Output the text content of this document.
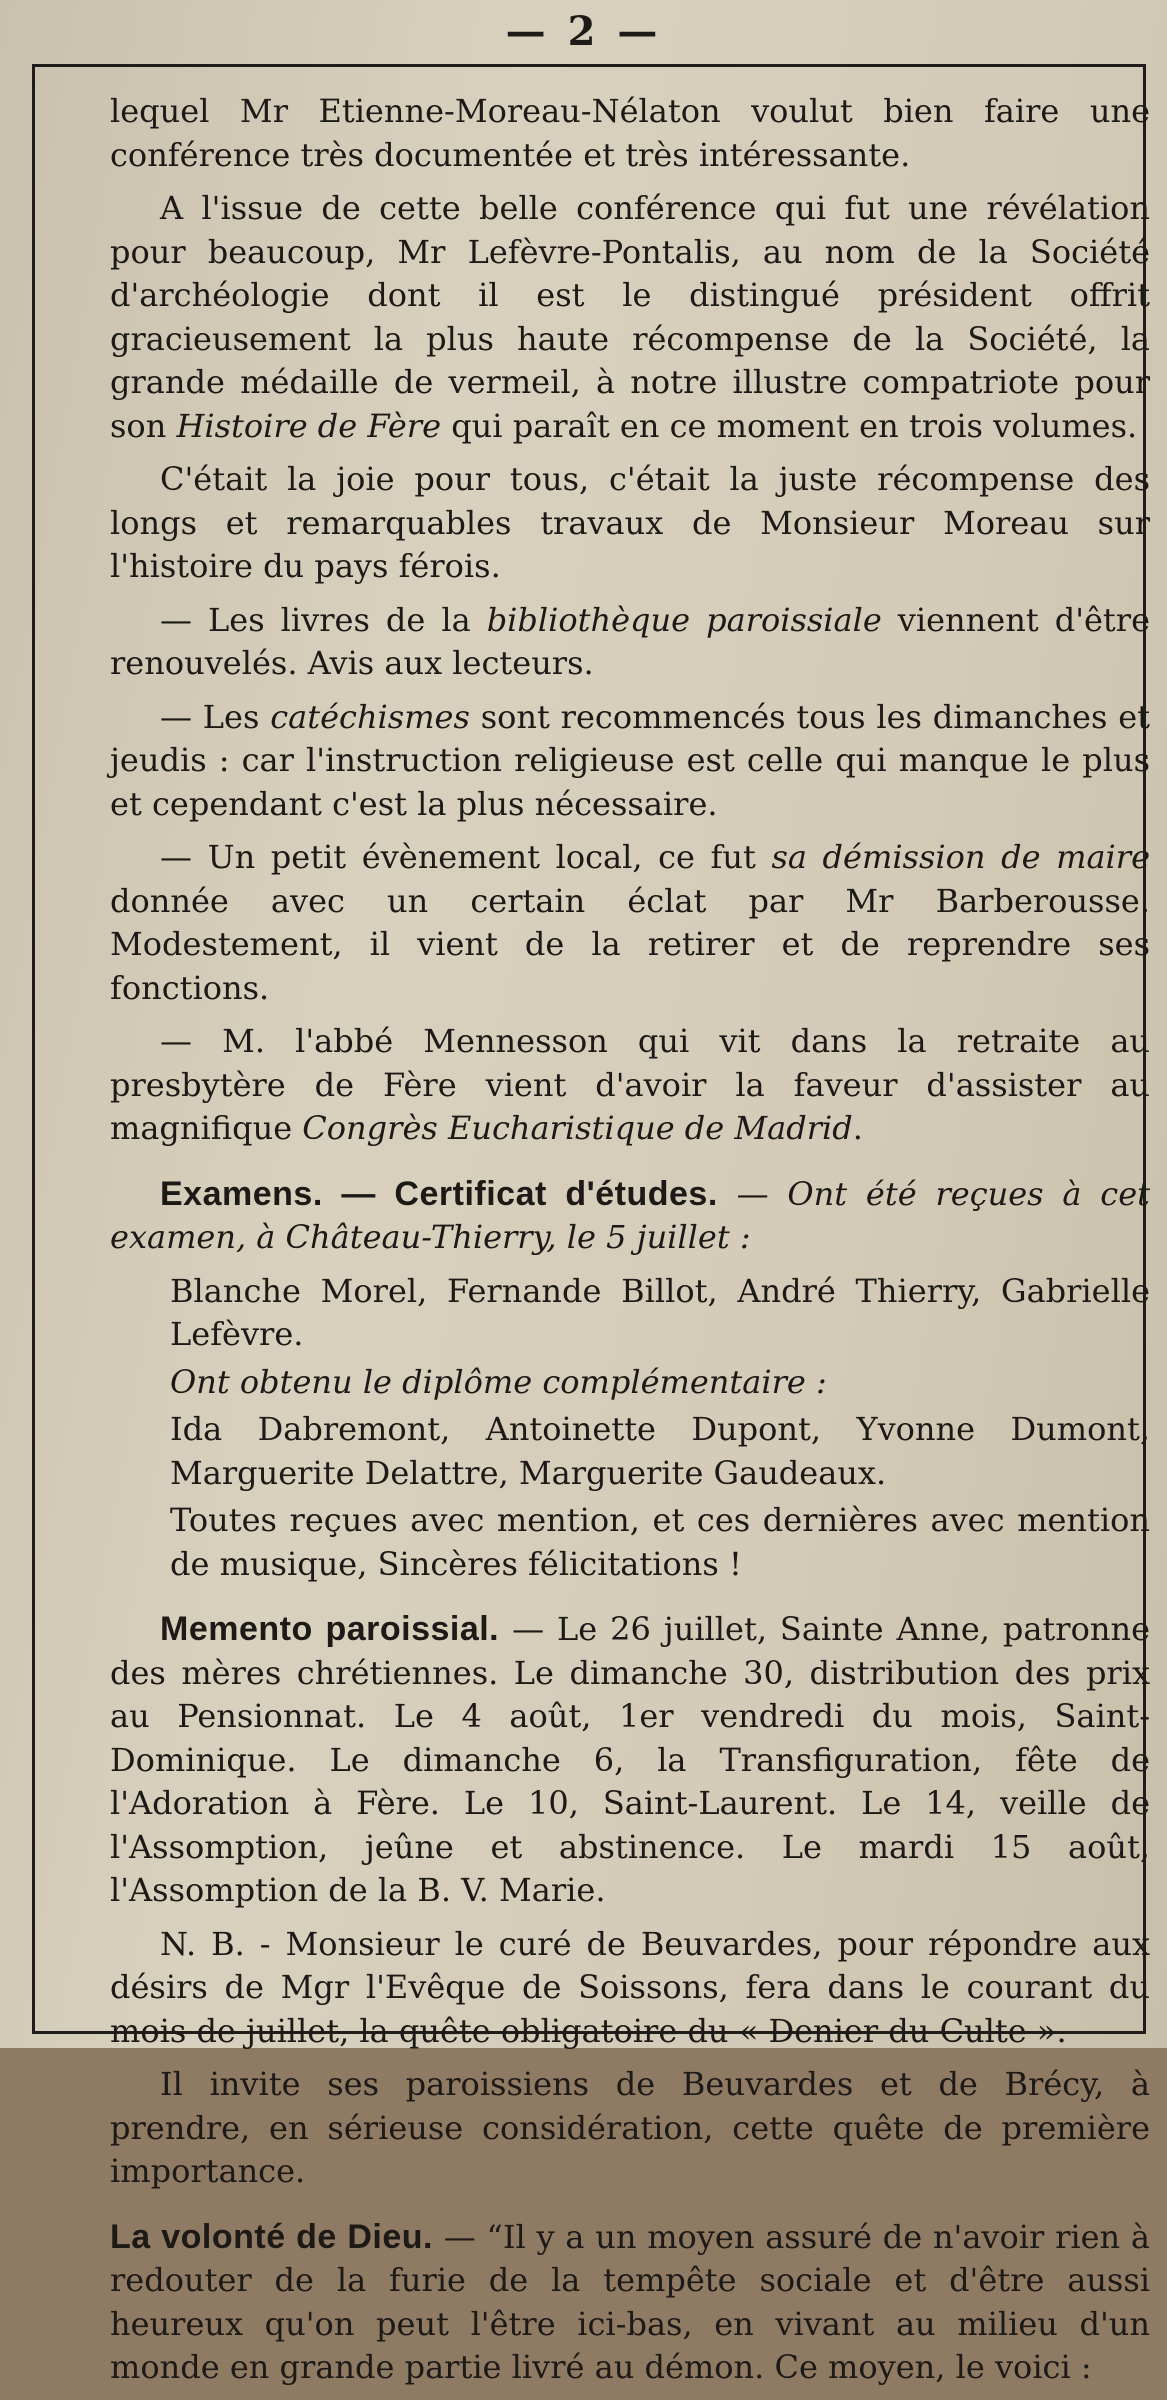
— 2 —

lequel Mr Etienne-Moreau-Nélaton voulut bien faire une conférence très documentée et très intéressante.

A l'issue de cette belle conférence qui fut une révélation pour beaucoup, Mr Lefèvre-Pontalis, au nom de la Société d'archéologie dont il est le distingué président offrit gracieusement la plus haute récompense de la Société, la grande médaille de vermeil, à notre illustre compatriote pour son Histoire de Fère qui paraît en ce moment en trois volumes.

C'était la joie pour tous, c'était la juste récompense des longs et remarquables travaux de Monsieur Moreau sur l'histoire du pays férois.

— Les livres de la bibliothèque paroissiale viennent d'être renouvelés. Avis aux lecteurs.

— Les catéchismes sont recommencés tous les dimanches et jeudis : car l'instruction religieuse est celle qui manque le plus et cependant c'est la plus nécessaire.

— Un petit évènement local, ce fut sa démission de maire donnée avec un certain éclat par Mr Barberousse. Modestement, il vient de la retirer et de reprendre ses fonctions.

— M. l'abbé Mennesson qui vit dans la retraite au presbytère de Fère vient d'avoir la faveur d'assister au magnifique Congrès Eucharistique de Madrid.

Examens. — Certificat d'études. — Ont été reçues à cet examen, à Château-Thierry, le 5 juillet :

Blanche Morel, Fernande Billot, André Thierry, Gabrielle Lefèvre.

Ont obtenu le diplôme complémentaire :

Ida Dabremont, Antoinette Dupont, Yvonne Dumont, Marguerite Delattre, Marguerite Gaudeaux.

Toutes reçues avec mention, et ces dernières avec mention de musique, Sincères félicitations !

Memento paroissial. — Le 26 juillet, Sainte Anne, patronne des mères chrétiennes. Le dimanche 30, distribution des prix au Pensionnat. Le 4 août, 1er vendredi du mois, Saint-Dominique. Le dimanche 6, la Transfiguration, fête de l'Adoration à Fère. Le 10, Saint-Laurent. Le 14, veille de l'Assomption, jeûne et abstinence. Le mardi 15 août, l'Assomption de la B. V. Marie.

N. B. - Monsieur le curé de Beuvardes, pour répondre aux désirs de Mgr l'Evêque de Soissons, fera dans le courant du mois de juillet, la quête obligatoire du « Denier du Culte ».

Il invite ses paroissiens de Beuvardes et de Brécy, à prendre, en sérieuse considération, cette quête de première importance.

La volonté de Dieu. — “Il y a un moyen assuré de n'avoir rien à redouter de la furie de la tempête sociale et d'être aussi heureux qu'on peut l'être ici-bas, en vivant au milieu d'un monde en grande partie livré au démon. Ce moyen, le voici :
